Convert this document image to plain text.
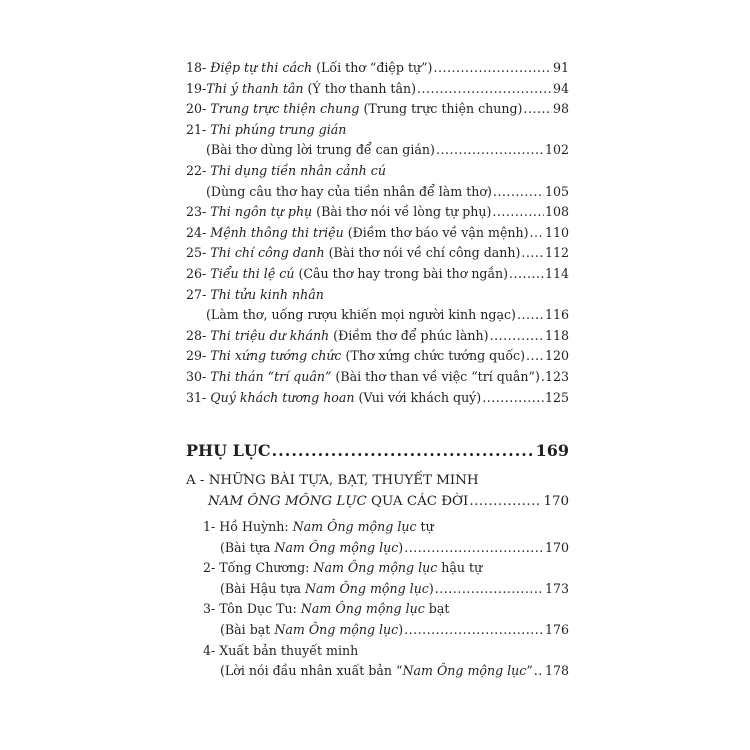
18- Điệp tự thi cách (Lối thơ “điệp tự”) .....	91
19-Thi ý thanh tân (Ý thơ thanh tân) .....	94
20- Trung trực thiện chung (Trung trực thiện chung) ..... 98
21- Thi phúng trung gián
(Bài thơ dùng lời trung để can gián) .....	102
22- Thi dụng tiền nhân cảnh cú
(Dùng câu thơ hay của tiền nhân để làm thơ) .....	105
23- Thi ngôn tự phụ (Bài thơ nói về lòng tự phụ) .....	108
24- Mệnh thông thi triệu (Điềm thơ báo về vận mệnh) ..... 110
25- Thi chí công danh (Bài thơ nói về chí công danh) ..... 112
26- Tiểu thi lệ cú (Câu thơ hay trong bài thơ ngắn) .....	114
27- Thi tửu kinh nhân
(Làm thơ, uống rượu khiến mọi người kinh ngạc) ..... 116
28- Thi triệu dư khánh (Điềm thơ để phúc lành) .....	118
29- Thi xứng tướng chức (Thơ xứng chức tướng quốc) ..... 120
30- Thi thán “trí quân” (Bài thơ than về việc “trí quân”) ..... 123
31- Quý khách tương hoan (Vui với khách quý) .....	125
PHỤ LỤC .....	169
A - NHỮNG BÀI TỰA, BẠT, THUYẾT MINH
NAM ÔNG MÔNG LỤC QUA CÁC ĐỜI .....	170
1- Hồ Huỳnh: Nam Ông mộng lục tự
(Bài tựa Nam Ông mộng lục) .....	170
2- Tống Chương: Nam Ông mộng lục hậu tự
(Bài Hậu tựa Nam Ông mộng lục) .....	173
3- Tôn Dục Tu: Nam Ông mộng lục bạt
(Bài bạt Nam Ông mộng lục) .....	176
4- Xuất bản thuyết minh
(Lời nói đầu nhân xuất bản “Nam Ông mộng lục” ..... 178
